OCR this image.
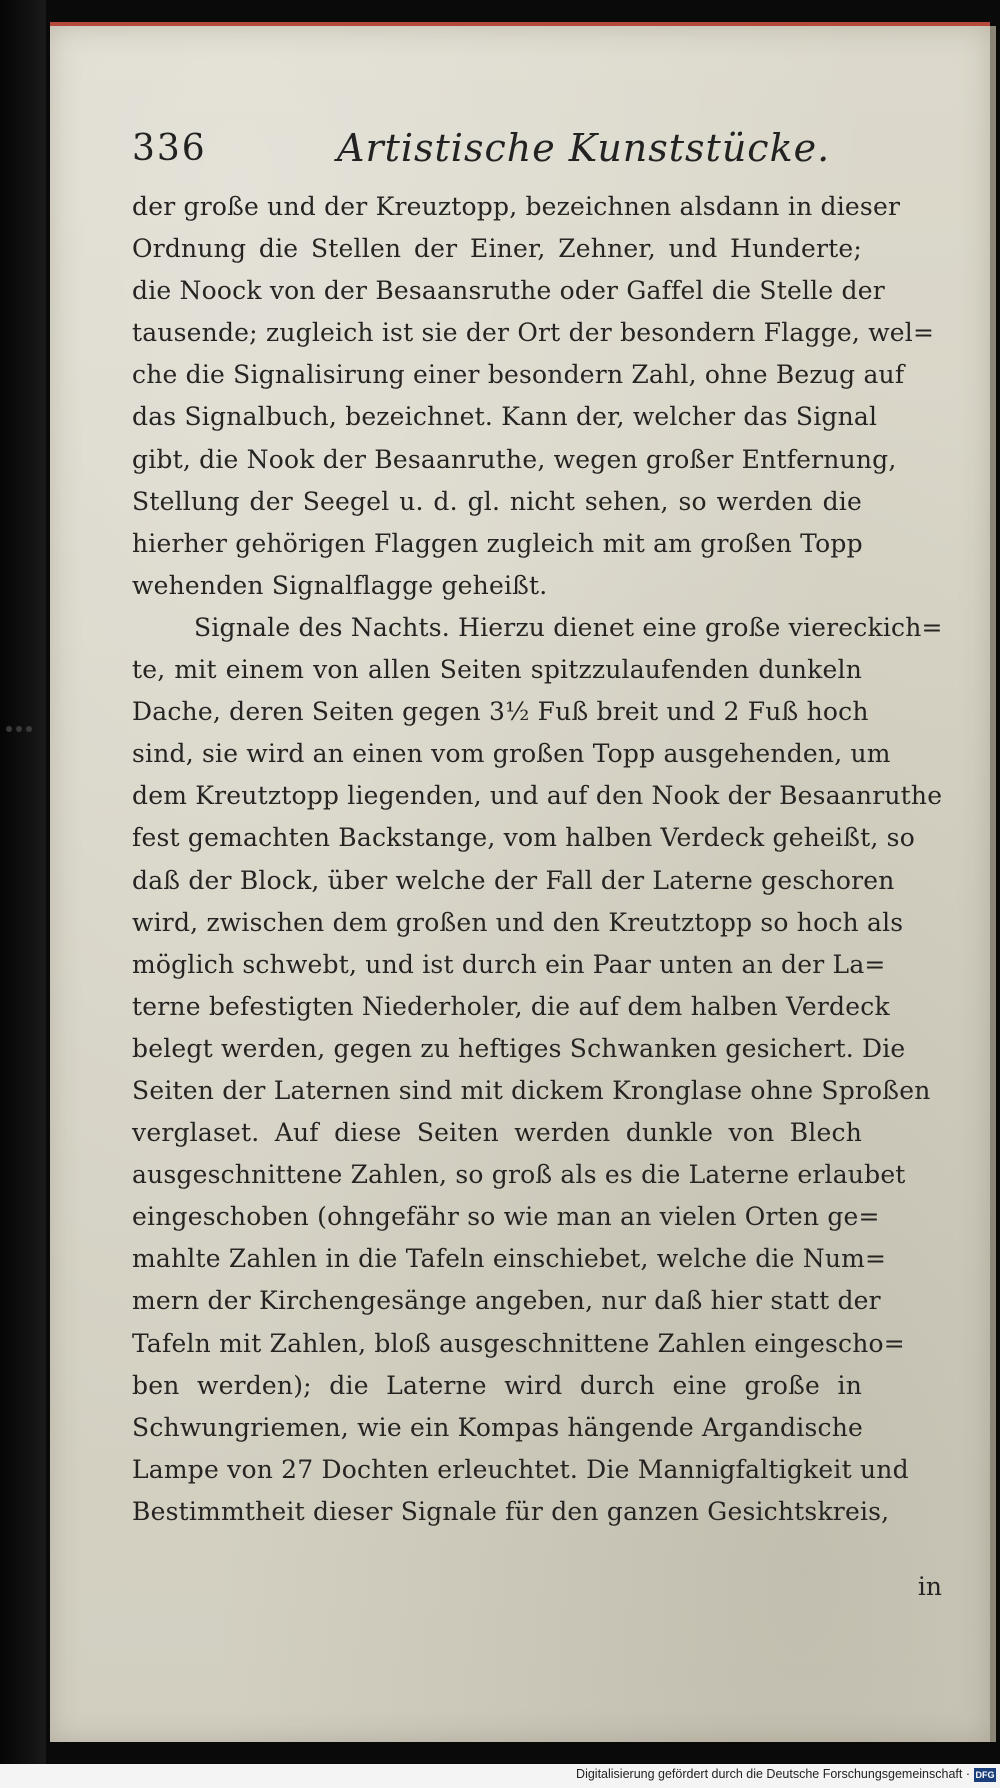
336	Artistische Kunststücke.
der große und der Kreuztopp, bezeichnen alsdann in dieser
Ordnung die Stellen der Einer, Zehner, und Hunderte;
die Noock von der Besaansruthe oder Gaffel die Stelle der
tausende; zugleich ist sie der Ort der besondern Flagge, wel=
che die Signalisirung einer besondern Zahl, ohne Bezug auf
das Signalbuch, bezeichnet. Kann der, welcher das Signal
gibt, die Nook der Besaanruthe, wegen großer Entfernung,
Stellung der Seegel u. d. gl. nicht sehen, so werden die
hierher gehörigen Flaggen zugleich mit am großen Topp
wehenden Signalflagge geheißt.
Signale des Nachts. Hierzu dienet eine große viereckich=
te, mit einem von allen Seiten spitzzulaufenden dunkeln
Dache, deren Seiten gegen 3½ Fuß breit und 2 Fuß hoch
sind, sie wird an einen vom großen Topp ausgehenden, um
dem Kreutztopp liegenden, und auf den Nook der Besaanruthe
fest gemachten Backstange, vom halben Verdeck geheißt, so
daß der Block, über welche der Fall der Laterne geschoren
wird, zwischen dem großen und den Kreutztopp so hoch als
möglich schwebt, und ist durch ein Paar unten an der La=
terne befestigten Niederholer, die auf dem halben Verdeck
belegt werden, gegen zu heftiges Schwanken gesichert. Die
Seiten der Laternen sind mit dickem Kronglase ohne Sproßen
verglaset. Auf diese Seiten werden dunkle von Blech
ausgeschnittene Zahlen, so groß als es die Laterne erlaubet
eingeschoben (ohngefähr so wie man an vielen Orten ge=
mahlte Zahlen in die Tafeln einschiebet, welche die Num=
mern der Kirchengesänge angeben, nur daß hier statt der
Tafeln mit Zahlen, bloß ausgeschnittene Zahlen eingescho=
ben werden); die Laterne wird durch eine große in
Schwungriemen, wie ein Kompas hängende Argandische
Lampe von 27 Dochten erleuchtet. Die Mannigfaltigkeit und
Bestimmtheit dieser Signale für den ganzen Gesichtskreis,
in
Digitalisierung gefördert durch die Deutsche Forschungsgemeinschaft · DFG
